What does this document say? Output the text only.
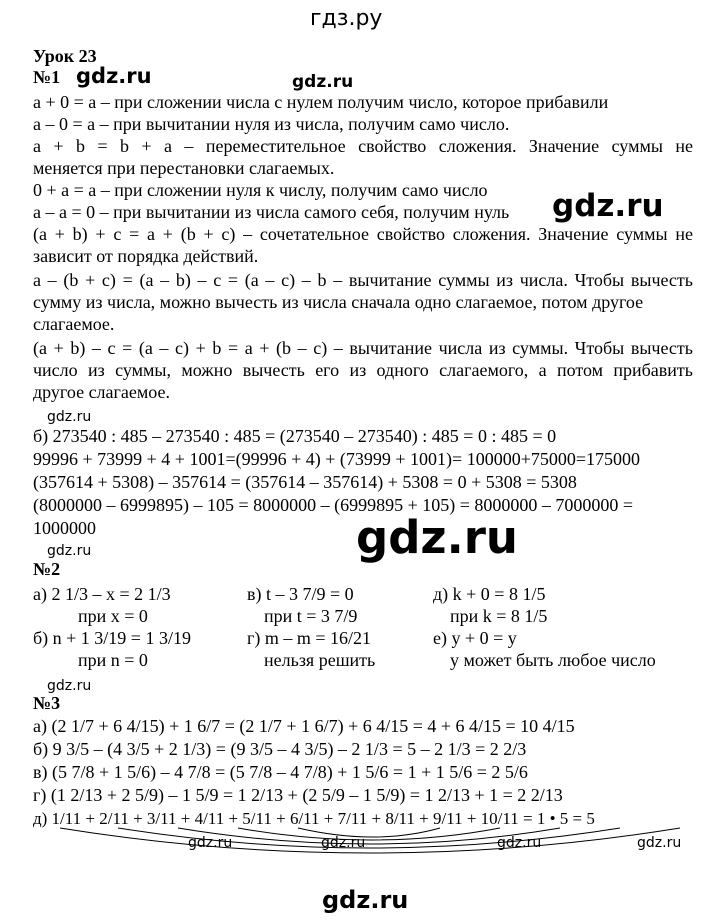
гдз.ру
Урок 23
№1 gdz.ru	gdz.ru
a + 0 = a – при сложении числа с нулем получим число, которое прибавили
a – 0 = a – при вычитании нуля из числа, получим само число.
a + b = b + a – переместительное свойство сложения. Значение суммы не
меняется при перестановки слагаемых.
0 + a = a – при сложении нуля к числу, получим само число
a – a = 0 – при вычитании из числа самого себя, получим нуль
(a + b) + c = a + (b + c) – сочетательное свойство сложения. Значение суммы не
зависит от порядка действий.
a – (b + c) = (a – b) – c = (a – c) – b – вычитание суммы из числа. Чтобы вычесть
сумму из числа, можно вычесть из числа сначала одно слагаемое, потом другое
слагаемое.
(a + b) – c = (a – c) + b = a + (b – c) – вычитание числа из суммы. Чтобы вычесть
число из суммы, можно вычесть его из одного слагаемого, а потом прибавить
другое слагаемое.
gdz.ru
gdz.ru
б) 273540 : 485 – 273540 : 485 = (273540 – 273540) : 485 = 0 : 485 = 0
99996 + 73999 + 4 + 1001=(99996 + 4) + (73999 + 1001)= 100000+75000=175000
(357614 + 5308) – 357614 = (357614 – 357614) + 5308 = 0 + 5308 = 5308
(8000000 – 6999895) – 105 = 8000000 – (6999895 + 105) = 8000000 – 7000000 =
1000000	gdz.ru
gdz.ru
№2
а) 2 1/3 – x = 2 1/3
при x = 0
б) n + 1 3/19 = 1 3/19
при n = 0
в) t – 3 7/9 = 0
при t = 3 7/9
г) m – m = 16/21
нельзя решить
д) k + 0 = 8 1/5
при k = 8 1/5
е) y + 0 = y
y может быть любое число
gdz.ru
№3
а) (2 1/7 + 6 4/15) + 1 6/7 = (2 1/7 + 1 6/7) + 6 4/15 = 4 + 6 4/15 = 10 4/15
б) 9 3/5 – (4 3/5 + 2 1/3) = (9 3/5 – 4 3/5) – 2 1/3 = 5 – 2 1/3 = 2 2/3
в) (5 7/8 + 1 5/6) – 4 7/8 = (5 7/8 – 4 7/8) + 1 5/6 = 1 + 1 5/6 = 2 5/6
г) (1 2/13 + 2 5/9) – 1 5/9 = 1 2/13 + (2 5/9 – 1 5/9) = 1 2/13 + 1 = 2 2/13
д) 1/11 + 2/11 + 3/11 + 4/11 + 5/11 + 6/11 + 7/11 + 8/11 + 9/11 + 10/11 = 1 • 5 = 5
gdz.ru	gdz.ru	gdz.ru	gdz.ru
gdz.ru
